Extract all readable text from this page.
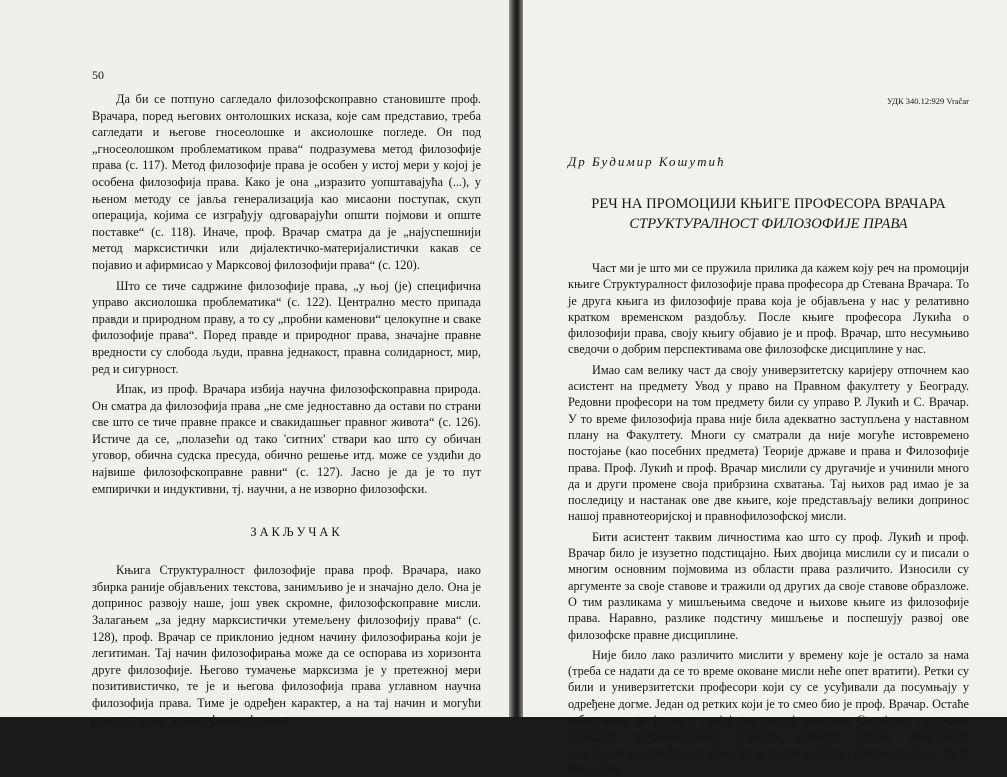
50

Да би се потпуно сагледало филозофскоправно становиште проф. Врачара, поред његових онтолошких исказа, које сам представио, треба сагледати и његове гносеолошке и аксиолошке погледе. Он под „гносеолошком проблематиком права“ подразумева метод филозофије права (с. 117). Метод филозофије права је особен у истој мери у којој је особена филозофија права. Како је она „изразито уопштавајућа (...), у њеном методу се јавља генерализација као мисаони поступак, скуп операција, којима се изграђују одговарајући општи појмови и опште поставке“ (с. 118). Иначе, проф. Врачар сматра да је „најуспешнији метод марксистички или дијалектичко-материјалистички какав се појавио и афирмисао у Марксовој филозофији права“ (с. 120).

Што се тиче садржине филозофије права, „у њој (је) специфична управо аксиолошка проблематика“ (с. 122). Централно место припада правди и природном праву, а то су „пробни каменови“ целокупне и сваке филозофије права“. Поред правде и природног права, значајне правне вредности су слобода људи, правна једнакост, правна солидарност, мир, ред и сигурност.

Ипак, из проф. Врачара избија научна филозофскоправна природа. Он сматра да филозофија права „не сме једноставно да остави по страни све што се тиче правне праксе и свакидашњег правног живота“ (с. 126). Истиче да се, „полазећи од тако 'ситних' ствари као што су обичан уговор, обична судска пресуда, обично решење итд. може се уздићи до највише филозофскоправне равни“ (с. 127). Јасно је да је то пут емпирички и индуктивни, тј. научни, а не изворно филозофски.

ЗАКЉУЧАК

Књига Структуралност филозофије права проф. Врачара, иако збирка раније објављених текстова, занимљиво је и значајно дело. Она је допринос развоју наше, још увек скромне, филозофскоправне мисли. Залагањем „за једну марксистички утемељену филозофију права“ (с. 128), проф. Врачар се приклонио једном начину филозофирања који је легитиман. Тај начин филозофирања може да се оспорава из хоризонта друге филозофије. Његово тумачење марксизма је у претежној мери позитивистичко, те је и његова филозофија права углавном научна филозофија права. Тиме је одређен карактер, а на тај начин и могући домети таквог начина филозофирања.

УДК 340.12:929 Vračar
Др Будимир Кошутић
РЕЧ НА ПРОМОЦИЈИ КЊИГЕ ПРОФЕСОРА ВРАЧАРА
СТРУКТУРАЛНОСТ ФИЛОЗОФИЈЕ ПРАВА

Част ми је што ми се пружила прилика да кажем коју реч на промоцији књиге Структуралност филозофије права професора др Стевана Врачара. То је друга књига из филозофије права која је објављена у нас у релативно кратком временском раздобљу. После књиге професора Лукића о филозофији права, своју књигу објавио је и проф. Врачар, што несумњиво сведочи о добрим перспективама ове филозофске дисциплине у нас.

Имао сам велику част да своју универзитетску каријеру отпочнем као асистент на предмету Увод у право на Правном факултету у Београду. Редовни професори на том предмету били су управо Р. Лукић и С. Врачар. У то време филозофија права није била адекватно заступљена у наставном плану на Факултету. Многи су сматрали да није могуће истовремено постојање (као посебних предмета) Теорије државе и права и Филозофије права. Проф. Лукић и проф. Врачар мислили су другачије и учинили много да и други промене своја прибрзина схватања. Тај њихов рад имао је за последицу и настанак ове две књиге, које представљају велики допринос нашој правнотеоријској и правнофилозофској мисли.

Бити асистент таквим личностима као што су проф. Лукић и проф. Врачар било је изузетно подстицајно. Њих двојица мислили су и писали о многим основним појмовима из области права различито. Износили су аргументе за своје ставове и тражили од других да своје ставове образложе. О тим разликама у мишљењима сведоче и њихове књиге из филозофије права. Наравно, разлике подстичу мишљење и поспешују развој ове филозофске правне дисциплине.

Није било лако различито мислити у времену које је остало за нама (треба се надати да се то време оковане мисли неће опет вратити). Ретки су били и универзитетски професори који су се усуђивали да посумњају у одређене догме. Један од ретких који је то смео био је проф. Врачар. Остаће забележено да је он у својој докторској расправи Социјална садржина функције државноправног поретка означио процес политичког конституисања глобалног друштва основом настанка државе и права. То је било први
